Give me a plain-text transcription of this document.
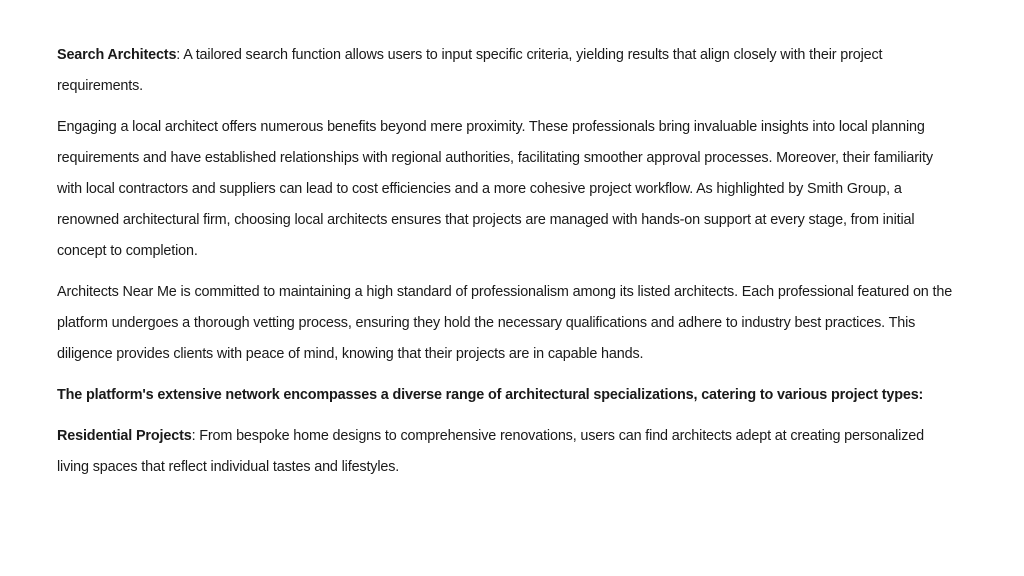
Search Architects: A tailored search function allows users to input specific criteria, yielding results that align closely with their project requirements.

Engaging a local architect offers numerous benefits beyond mere proximity. These professionals bring invaluable insights into local planning requirements and have established relationships with regional authorities, facilitating smoother approval processes. Moreover, their familiarity with local contractors and suppliers can lead to cost efficiencies and a more cohesive project workflow. As highlighted by Smith Group, a renowned architectural firm, choosing local architects ensures that projects are managed with hands-on support at every stage, from initial concept to completion.

Architects Near Me is committed to maintaining a high standard of professionalism among its listed architects. Each professional featured on the platform undergoes a thorough vetting process, ensuring they hold the necessary qualifications and adhere to industry best practices. This diligence provides clients with peace of mind, knowing that their projects are in capable hands.

The platform's extensive network encompasses a diverse range of architectural specializations, catering to various project types:

Residential Projects: From bespoke home designs to comprehensive renovations, users can find architects adept at creating personalized living spaces that reflect individual tastes and lifestyles.
